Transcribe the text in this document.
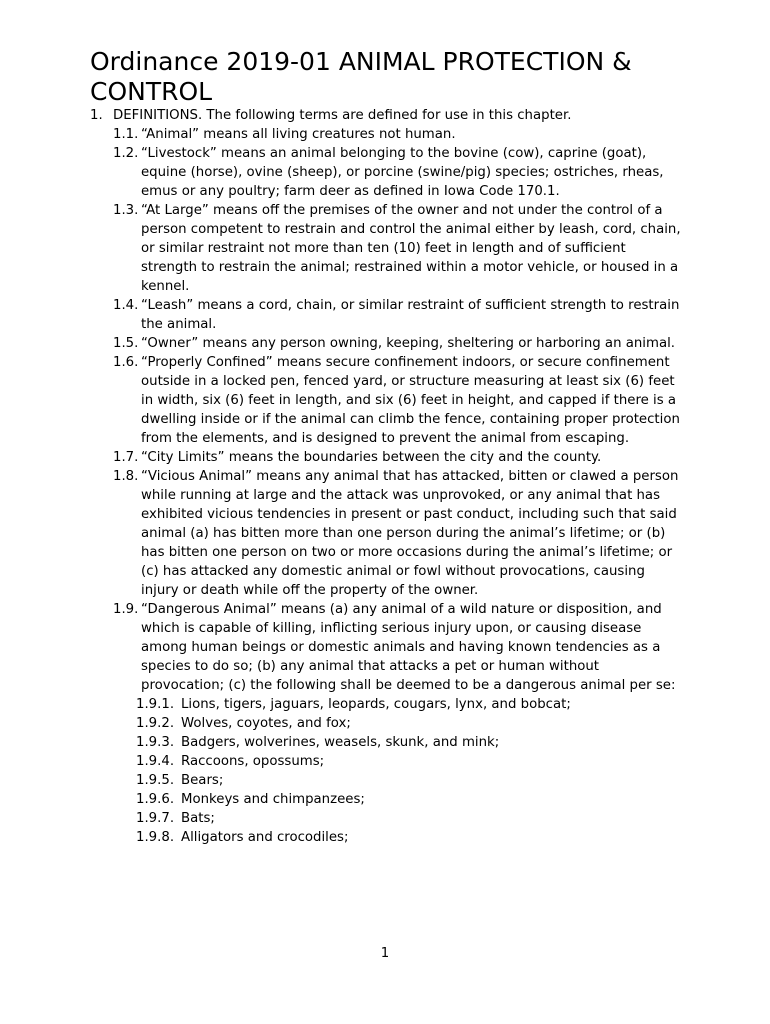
Ordinance 2019-01 ANIMAL PROTECTION & CONTROL
1. DEFINITIONS. The following terms are defined for use in this chapter.
1.1. “Animal” means all living creatures not human.
1.2. “Livestock” means an animal belonging to the bovine (cow), caprine (goat), equine (horse), ovine (sheep), or porcine (swine/pig) species; ostriches, rheas, emus or any poultry; farm deer as defined in Iowa Code 170.1.
1.3. “At Large” means off the premises of the owner and not under the control of a person competent to restrain and control the animal either by leash, cord, chain, or similar restraint not more than ten (10) feet in length and of sufficient strength to restrain the animal; restrained within a motor vehicle, or housed in a kennel.
1.4. “Leash” means a cord, chain, or similar restraint of sufficient strength to restrain the animal.
1.5. “Owner” means any person owning, keeping, sheltering or harboring an animal.
1.6. “Properly Confined” means secure confinement indoors, or secure confinement outside in a locked pen, fenced yard, or structure measuring at least six (6) feet in width, six (6) feet in length, and six (6) feet in height, and capped if there is a dwelling inside or if the animal can climb the fence, containing proper protection from the elements, and is designed to prevent the animal from escaping.
1.7. “City Limits” means the boundaries between the city and the county.
1.8. “Vicious Animal” means any animal that has attacked, bitten or clawed a person while running at large and the attack was unprovoked, or any animal that has exhibited vicious tendencies in present or past conduct, including such that said animal (a) has bitten more than one person during the animal’s lifetime; or (b) has bitten one person on two or more occasions during the animal’s lifetime; or (c) has attacked any domestic animal or fowl without provocations, causing injury or death while off the property of the owner.
1.9. “Dangerous Animal” means (a) any animal of a wild nature or disposition, and which is capable of killing, inflicting serious injury upon, or causing disease among human beings or domestic animals and having known tendencies as a species to do so; (b) any animal that attacks a pet or human without provocation; (c) the following shall be deemed to be a dangerous animal per se:
1.9.1. Lions, tigers, jaguars, leopards, cougars, lynx, and bobcat;
1.9.2. Wolves, coyotes, and fox;
1.9.3. Badgers, wolverines, weasels, skunk, and mink;
1.9.4. Raccoons, opossums;
1.9.5. Bears;
1.9.6. Monkeys and chimpanzees;
1.9.7. Bats;
1.9.8. Alligators and crocodiles;
1
